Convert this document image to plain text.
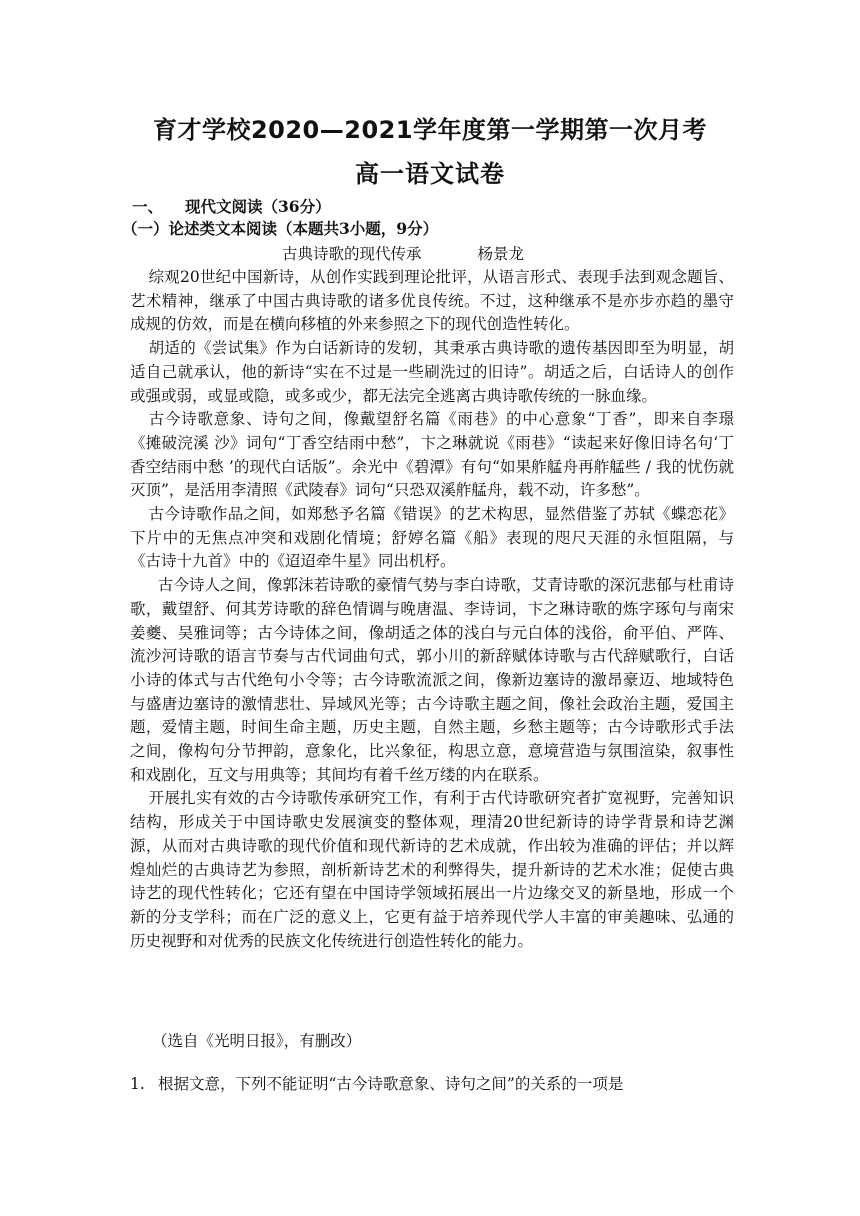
育才学校2020—2021学年度第一学期第一次月考
高一语文试卷
一、 现代文阅读（36分）
（一）论述类文本阅读（本题共3小题，9分）
古典诗歌的现代传承	杨景龙

综观20世纪中国新诗，从创作实践到理论批评，从语言形式、表现手法到观念题旨、艺术精神，继承了中国古典诗歌的诸多优良传统。不过，这种继承不是亦步亦趋的墨守成规的仿效，而是在横向移植的外来参照之下的现代创造性转化。

胡适的《尝试集》作为白话新诗的发轫，其秉承古典诗歌的遗传基因即至为明显，胡适自己就承认，他的新诗“实在不过是一些刷洗过的旧诗”。胡适之后，白话诗人的创作或强或弱，或显或隐，或多或少，都无法完全逃离古典诗歌传统的一脉血缘。

古今诗歌意象、诗句之间，像戴望舒名篇《雨巷》的中心意象“丁香”，即来自李璟《摊破浣溪 沙》词句“丁香空结雨中愁”，卞之琳就说《雨巷》“读起来好像旧诗名句‘丁香空结雨中愁 ’的现代白话版”。余光中《碧潭》有句“如果舴艋舟再舴艋些 / 我的忧伤就灭顶”，是活用李清照《武陵春》词句“只恐双溪舴艋舟，载不动，许多愁”。

古今诗歌作品之间，如郑愁予名篇《错误》的艺术构思，显然借鉴了苏轼《蝶恋花》下片中的无焦点冲突和戏剧化情境；舒婷名篇《船》表现的咫尺天涯的永恒阻隔，与《古诗十九首》中的《迢迢牵牛星》同出机杼。

古今诗人之间，像郭沫若诗歌的豪情气势与李白诗歌，艾青诗歌的深沉悲郁与杜甫诗歌，戴望舒、何其芳诗歌的辞色情调与晚唐温、李诗词，卞之琳诗歌的炼字琢句与南宋姜夔、吴雅词等；古今诗体之间，像胡适之体的浅白与元白体的浅俗，俞平伯、严阵、流沙河诗歌的语言节奏与古代词曲句式，郭小川的新辞赋体诗歌与古代辞赋歌行，白话小诗的体式与古代绝句小令等；古今诗歌流派之间，像新边塞诗的激昂豪迈、地域特色与盛唐边塞诗的激情悲壮、异域风光等；古今诗歌主题之间，像社会政治主题，爱国主题，爱情主题，时间生命主题，历史主题，自然主题，乡愁主题等；古今诗歌形式手法之间，像构句分节押韵，意象化，比兴象征，构思立意，意境营造与氛围渲染，叙事性和戏剧化，互文与用典等；其间均有着千丝万缕的内在联系。

开展扎实有效的古今诗歌传承研究工作，有利于古代诗歌研究者扩宽视野，完善知识结构，形成关于中国诗歌史发展演变的整体观，理清20世纪新诗的诗学背景和诗艺渊源，从而对古典诗歌的现代价值和现代新诗的艺术成就，作出较为准确的评估；并以辉煌灿烂的古典诗艺为参照，剖析新诗艺术的利弊得失，提升新诗的艺术水准；促使古典诗艺的现代性转化；它还有望在中国诗学领域拓展出一片边缘交叉的新垦地，形成一个新的分支学科；而在广泛的意义上，它更有益于培养现代学人丰富的审美趣味、弘通的历史视野和对优秀的民族文化传统进行创造性转化的能力。

（选自《光明日报》，有删改）
1. 根据文意，下列不能证明“古今诗歌意象、诗句之间”的关系的一项是
